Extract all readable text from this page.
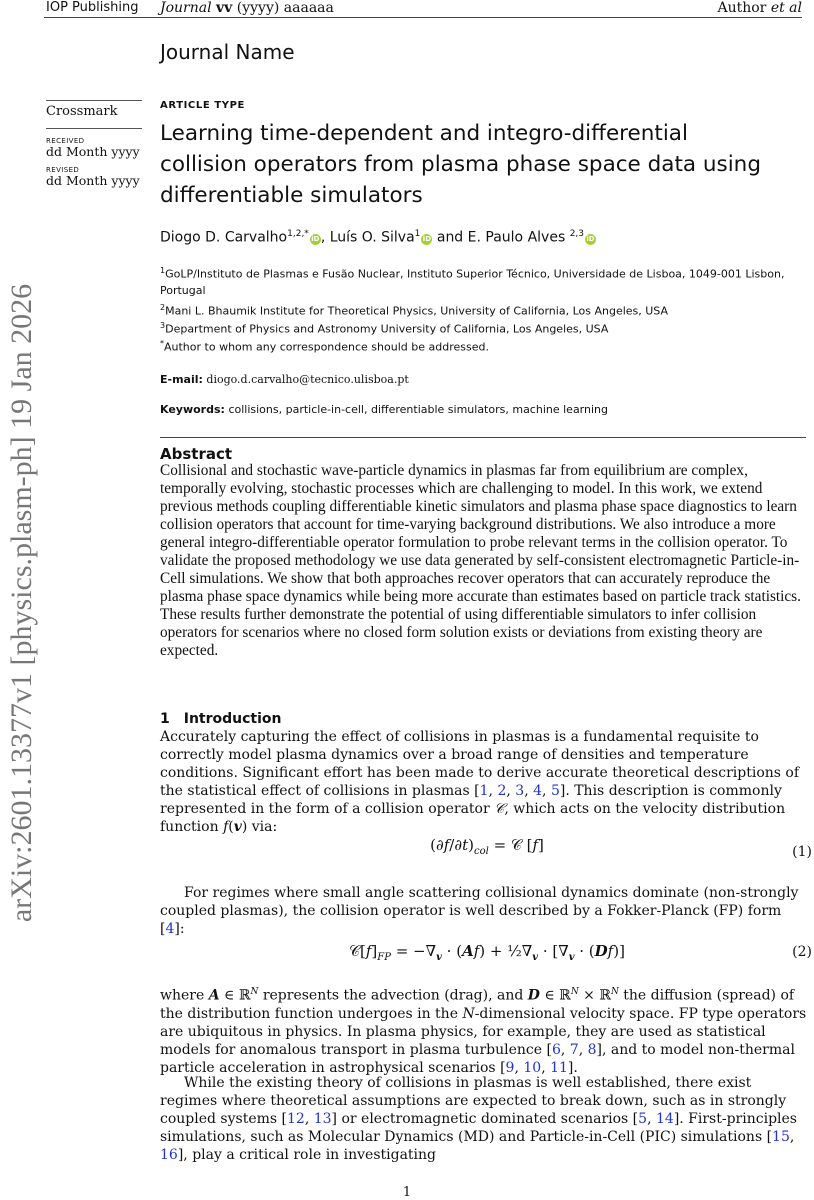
IOP Publishing Journal vv (yyyy) aaaaaa	Author et al
Journal Name
Crossmark
RECEIVED
dd Month yyyy
REVISED
dd Month yyyy
arXiv:2601.13377v1 [physics.plasm-ph] 19 Jan 2026
ARTICLE TYPE
Learning time-dependent and integro-differential collision operators from plasma phase space data using differentiable simulators
Diogo D. Carvalho$^{1,2,*}$ iD, Luís O. Silva$^1$ iD and E. Paulo Alves $^{2,3}$ iD
$^1$GoLP/Instituto de Plasmas e Fusão Nuclear, Instituto Superior Técnico, Universidade de Lisboa, 1049-001 Lisbon, Portugal
$^2$Mani L. Bhaumik Institute for Theoretical Physics, University of California, Los Angeles, USA
$^3$Department of Physics and Astronomy University of California, Los Angeles, USA
*Author to whom any correspondence should be addressed.
E-mail: diogo.d.carvalho@tecnico.ulisboa.pt
Keywords: collisions, particle-in-cell, differentiable simulators, machine learning
Abstract
Collisional and stochastic wave-particle dynamics in plasmas far from equilibrium are complex, temporally evolving, stochastic processes which are challenging to model. In this work, we extend previous methods coupling differentiable kinetic simulators and plasma phase space diagnostics to learn collision operators that account for time-varying background distributions. We also introduce a more general integro-differentiable operator formulation to probe relevant terms in the collision operator. To validate the proposed methodology we use data generated by self-consistent electromagnetic Particle-in-Cell simulations. We show that both approaches recover operators that can accurately reproduce the plasma phase space dynamics while being more accurate than estimates based on particle track statistics. These results further demonstrate the potential of using differentiable simulators to infer collision operators for scenarios where no closed form solution exists or deviations from existing theory are expected.
1 Introduction
Accurately capturing the effect of collisions in plasmas is a fundamental requisite to correctly model plasma dynamics over a broad range of densities and temperature conditions. Significant effort has been made to derive accurate theoretical descriptions of the statistical effect of collisions in plasmas [1, 2, 3, 4, 5]. This description is commonly represented in the form of a collision operator 𝒞, which acts on the velocity distribution function f(v) via:
$(\partial f/\partial t)_{col}$ = 𝒞 [f]	(1)
For regimes where small angle scattering collisional dynamics dominate (non-strongly coupled plasmas), the collision operator is well described by a Fokker-Planck (FP) form [4]:
$𝒞[f]_{FP} = -\nabla_v \cdot (Af)$ + $\frac{1}{2}\nabla_v \cdot [\nabla_v \cdot (Df)]$	(2)
where A ∈ ℝ$^N$ represents the advection (drag), and D ∈ ℝ$^N$ × ℝ$^N$ the diffusion (spread) of the distribution function undergoes in the N-dimensional velocity space. FP type operators are ubiquitous in physics. In plasma physics, for example, they are used as statistical models for anomalous transport in plasma turbulence [6, 7, 8], and to model non-thermal particle acceleration in astrophysical scenarios [9, 10, 11].
While the existing theory of collisions in plasmas is well established, there exist regimes where theoretical assumptions are expected to break down, such as in strongly coupled systems [12, 13] or electromagnetic dominated scenarios [5, 14]. First-principles simulations, such as Molecular Dynamics (MD) and Particle-in-Cell (PIC) simulations [15, 16], play a critical role in investigating
1
